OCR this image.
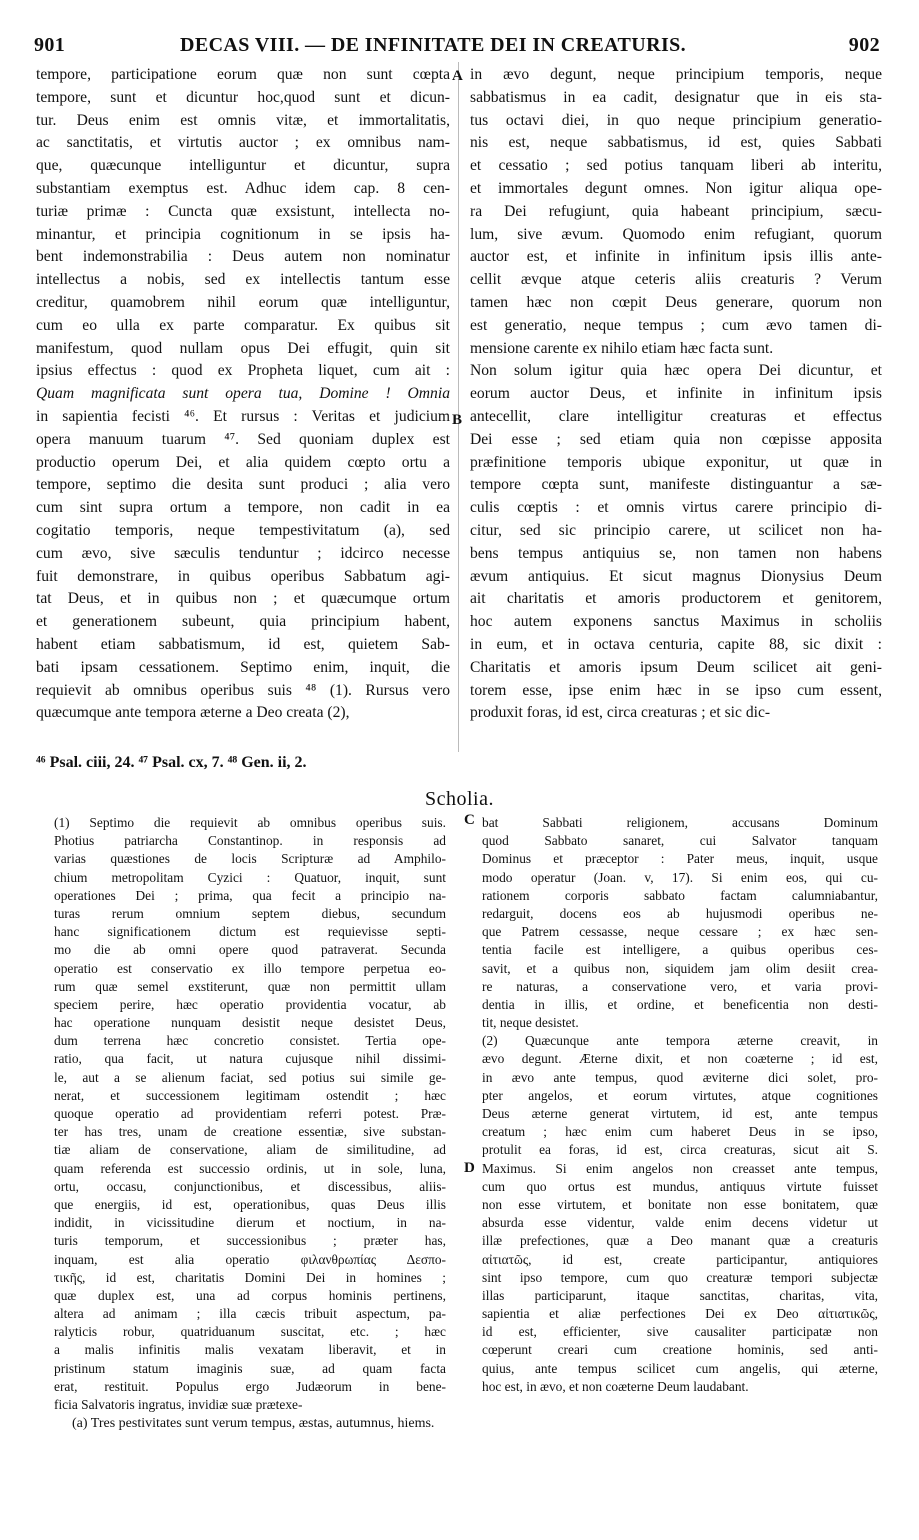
901	DECAS VIII. — DE INFINITATE DEI IN CREATURIS.	902
tempore, participatione eorum quæ non sunt cœpta
tempore, sunt et dicuntur hoc,quod sunt et dicun-
tur. Deus enim est omnis vitæ, et immortalitatis,
ac sanctitatis, et virtutis auctor ; ex omnibus nam-
que, quæcunque intelliguntur et dicuntur, supra
substantiam exemptus est. Adhuc idem cap. 8 cen-
turiæ primæ : Cuncta quæ exsistunt, intellecta no-
minantur, et principia cognitionum in se ipsis ha-
bent indemonstrabilia : Deus autem non nominatur
intellectus a nobis, sed ex intellectis tantum esse
creditur, quamobrem nihil eorum quæ intelliguntur,
cum eo ulla ex parte comparatur. Ex quibus sit
manifestum, quod nullam opus Dei effugit, quin sit
ipsius effectus : quod ex Propheta liquet, cum ait :
Quam magnificata sunt opera tua, Domine ! Omnia
in sapientia fecisti ⁴⁶. Et rursus : Veritas et judicium
opera manuum tuarum ⁴⁷. Sed quoniam duplex est
productio operum Dei, et alia quidem cœpto ortu a
tempore, septimo die desita sunt produci ; alia vero
cum sint supra ortum a tempore, non cadit in ea
cogitatio temporis, neque tempestivitatum (a), sed
cum ævo, sive sæculis tenduntur ; idcirco necesse
fuit demonstrare, in quibus operibus Sabbatum agi-
tat Deus, et in quibus non ; et quæcumque ortum
et generationem subeunt, quia principium habent,
habent etiam sabbatismum, id est, quietem Sab-
bati ipsam cessationem. Septimo enim, inquit, die
requievit ab omnibus operibus suis ⁴⁸ (1). Rursus vero
quæcumque ante tempora æterne a Deo creata (2),
in ævo degunt, neque principium temporis, neque
sabbatismus in ea cadit, designatur que in eis sta-
tus octavi diei, in quo neque principium generatio-
nis est, neque sabbatismus, id est, quies Sabbati
et cessatio ; sed potius tanquam liberi ab interitu,
et immortales degunt omnes. Non igitur aliqua ope-
ra Dei refugiunt, quia habeant principium, sæcu-
lum, sive ævum. Quomodo enim refugiant, quorum
auctor est, et infinite in infinitum ipsis illis ante-
cellit ævque atque ceteris aliis creaturis ? Verum
tamen hæc non cœpit Deus generare, quorum non
est generatio, neque tempus ; cum ævo tamen di-
mensione carente ex nihilo etiam hæc facta sunt.
Non solum igitur quia hæc opera Dei dicuntur, et
eorum auctor Deus, et infinite in infinitum ipsis
antecellit, clare intelligitur creaturas et effectus
Dei esse ; sed etiam quia non cœpisse apposita
præfinitione temporis ubique exponitur, ut quæ in
tempore cœpta sunt, manifeste distinguantur a sæ-
culis cœptis : et omnis virtus carere principio di-
citur, sed sic principio carere, ut scilicet non ha-
bens tempus antiquius se, non tamen non habens
ævum antiquius. Et sicut magnus Dionysius Deum
ait charitatis et amoris productorem et genitorem,
hoc autem exponens sanctus Maximus in scholiis
in eum, et in octava centuria, capite 88, sic dixit :
Charitatis et amoris ipsum Deum scilicet ait geni-
torem esse, ipse enim hæc in se ipso cum essent,
produxit foras, id est, circa creaturas ; et sic dic-
A
B
⁴⁶ Psal. ciii, 24. ⁴⁷ Psal. cx, 7. ⁴⁸ Gen. ii, 2.
Scholia.
(1) Septimo die requievit ab omnibus operibus suis.
Photius patriarcha Constantinop. in responsis ad
varias quæstiones de locis Scripturæ ad Amphilo-
chium metropolitam Cyzici : Quatuor, inquit, sunt
operationes Dei ; prima, qua fecit a principio na-
turas rerum omnium septem diebus, secundum
hanc significationem dictum est requievisse septi-
mo die ab omni opere quod patraverat. Secunda
operatio est conservatio ex illo tempore perpetua eo-
rum quæ semel exstiterunt, quæ non permittit ullam
speciem perire, hæc operatio providentia vocatur, ab
hac operatione nunquam desistit neque desistet Deus,
dum terrena hæc concretio consistet. Tertia ope-
ratio, qua facit, ut natura cujusque nihil dissimi-
le, aut a se alienum faciat, sed potius sui simile ge-
nerat, et successionem legitimam ostendit ; hæc
quoque operatio ad providentiam referri potest. Præ-
ter has tres, unam de creatione essentiæ, sive substan-
tiæ aliam de conservatione, aliam de similitudine, ad
quam referenda est successio ordinis, ut in sole, luna,
ortu, occasu, conjunctionibus, et discessibus, aliis-
que energiis, id est, operationibus, quas Deus illis
indidit, in vicissitudine dierum et noctium, in na-
turis temporum, et successionibus ; præter has,
inquam, est alia operatio φιλανθρωπίας Δεσπο-
τικῆς, id est, charitatis Domini Dei in homines ;
quæ duplex est, una ad corpus hominis pertinens,
altera ad animam ; illa cæcis tribuit aspectum, pa-
ralyticis robur, quatriduanum suscitat, etc. ; hæc
a malis infinitis malis vexatam liberavit, et in
pristinum statum imaginis suæ, ad quam facta
erat, restituit. Populus ergo Judæorum in bene-
ficia Salvatoris ingratus, invidiæ suæ prætexe-
bat Sabbati religionem, accusans Dominum
quod Sabbato sanaret, cui Salvator tanquam
Dominus et præceptor : Pater meus, inquit, usque
modo operatur (Joan. v, 17). Si enim eos, qui cu-
rationem corporis sabbato factam calumniabantur,
redarguit, docens eos ab hujusmodi operibus ne-
que Patrem cessasse, neque cessare ; ex hæc sen-
tentia facile est intelligere, a quibus operibus ces-
savit, et a quibus non, siquidem jam olim desiit crea-
re naturas, a conservatione vero, et varia provi-
dentia in illis, et ordine, et beneficentia non desti-
tit, neque desistet.
(2) Quæcunque ante tempora æterne creavit, in
ævo degunt. Æterne dixit, et non coæterne ; id est,
in ævo ante tempus, quod æviterne dici solet, pro-
pter angelos, et eorum virtutes, atque cognitiones
Deus æterne generat virtutem, id est, ante tempus
creatum ; hæc enim cum haberet Deus in se ipso,
protulit ea foras, id est, circa creaturas, sicut ait S.
Maximus. Si enim angelos non creasset ante tempus,
cum quo ortus est mundus, antiquus virtute fuisset
non esse virtutem, et bonitate non esse bonitatem, quæ
absurda esse videntur, valde enim decens videtur ut
illæ prefectiones, quæ a Deo manant quæ a creaturis
αἰτιατῶς, id est, create participantur, antiquiores
sint ipso tempore, cum quo creaturæ tempori subjectæ
illas participarunt, itaque sanctitas, charitas, vita,
sapientia et aliæ perfectiones Dei ex Deo αἰτιατικῶς,
id est, efficienter, sive causaliter participatæ non
cœperunt creari cum creatione hominis, sed anti-
quius, ante tempus scilicet cum angelis, qui æterne,
hoc est, in ævo, et non coæterne Deum laudabant.
C
D
(a) Tres pestivitates sunt verum tempus, æstas, autumnus, hiems.
